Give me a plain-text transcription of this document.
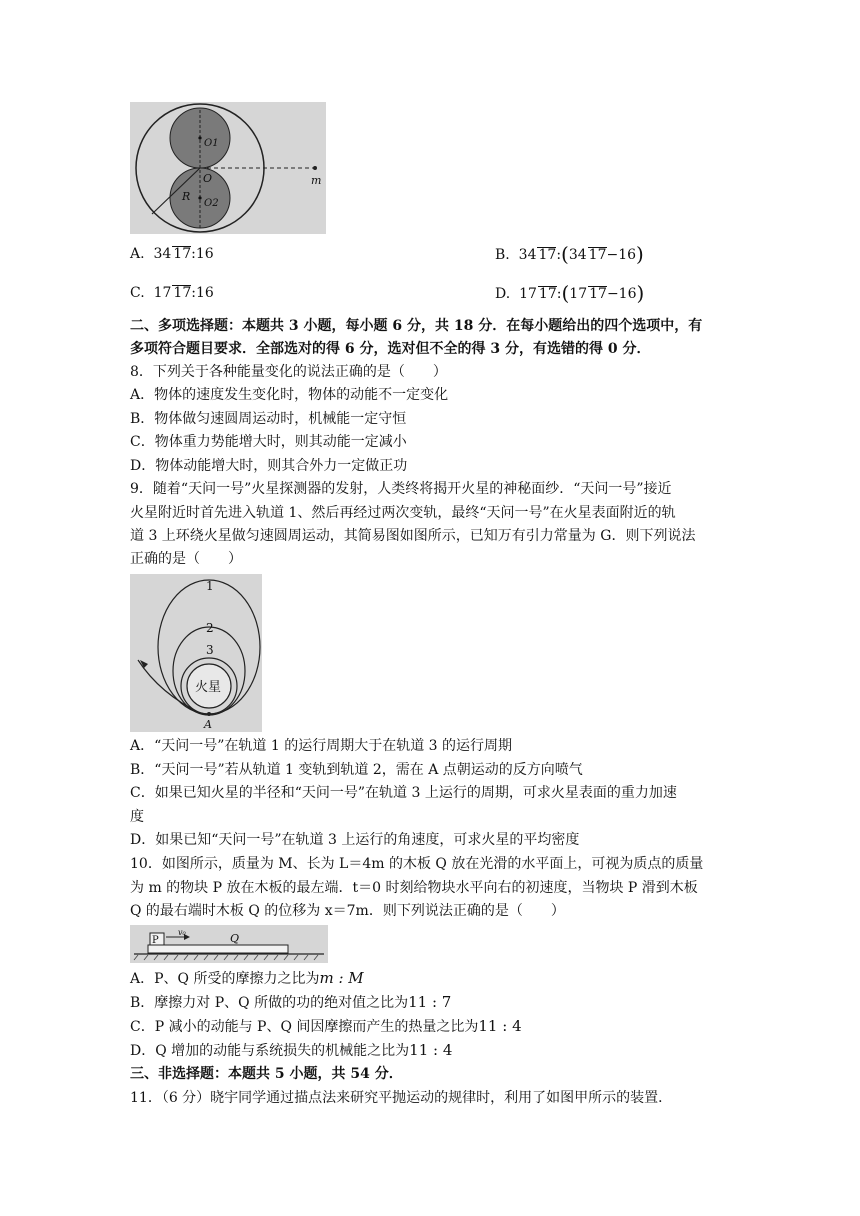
O1
O
R
O2
m
A. 34 17:16	B. 34 17:(34 17−16)
C. 17 17:16	D. 17 17:(17 17−16)
二、多项选择题：本题共 3 小题，每小题 6 分，共 18 分．在每小题给出的四个选项中，有
多项符合题目要求．全部选对的得 6 分，选对但不全的得 3 分，有选错的得 0 分．
8．下列关于各种能量变化的说法正确的是（　　）
A．物体的速度发生变化时，物体的动能不一定变化
B．物体做匀速圆周运动时，机械能一定守恒
C．物体重力势能增大时，则其动能一定减小
D．物体动能增大时，则其合外力一定做正功
9．随着“天问一号”火星探测器的发射，人类终将揭开火星的神秘面纱．“天问一号”接近
火星附近时首先进入轨道 1、然后再经过两次变轨，最终“天问一号”在火星表面附近的轨
道 3 上环绕火星做匀速圆周运动，其简易图如图所示，已知万有引力常量为 G．则下列说法
正确的是（　　）
1
2
3
火星
A
A．“天问一号”在轨道 1 的运行周期大于在轨道 3 的运行周期
B．“天问一号”若从轨道 1 变轨到轨道 2，需在 A 点朝运动的反方向喷气
C．如果已知火星的半径和“天问一号”在轨道 3 上运行的周期，可求火星表面的重力加速
度
D．如果已知“天问一号”在轨道 3 上运行的角速度，可求火星的平均密度
10．如图所示，质量为 M、长为 L＝4m 的木板 Q 放在光滑的水平面上，可视为质点的质量
为 m 的物块 P 放在木板的最左端．t＝0 时刻给物块水平向右的初速度，当物块 P 滑到木板
Q 的最右端时木板 Q 的位移为 x＝7m．则下列说法正确的是（　　）
P
v₀	Q
A．P、Q 所受的摩擦力之比为m : M
B．摩擦力对 P、Q 所做的功的绝对值之比为11 : 7
C．P 减小的动能与 P、Q 间因摩擦而产生的热量之比为11 : 4
D．Q 增加的动能与系统损失的机械能之比为11 : 4
三、非选择题：本题共 5 小题，共 54 分．
11．（6 分）晓宇同学通过描点法来研究平抛运动的规律时，利用了如图甲所示的装置．
